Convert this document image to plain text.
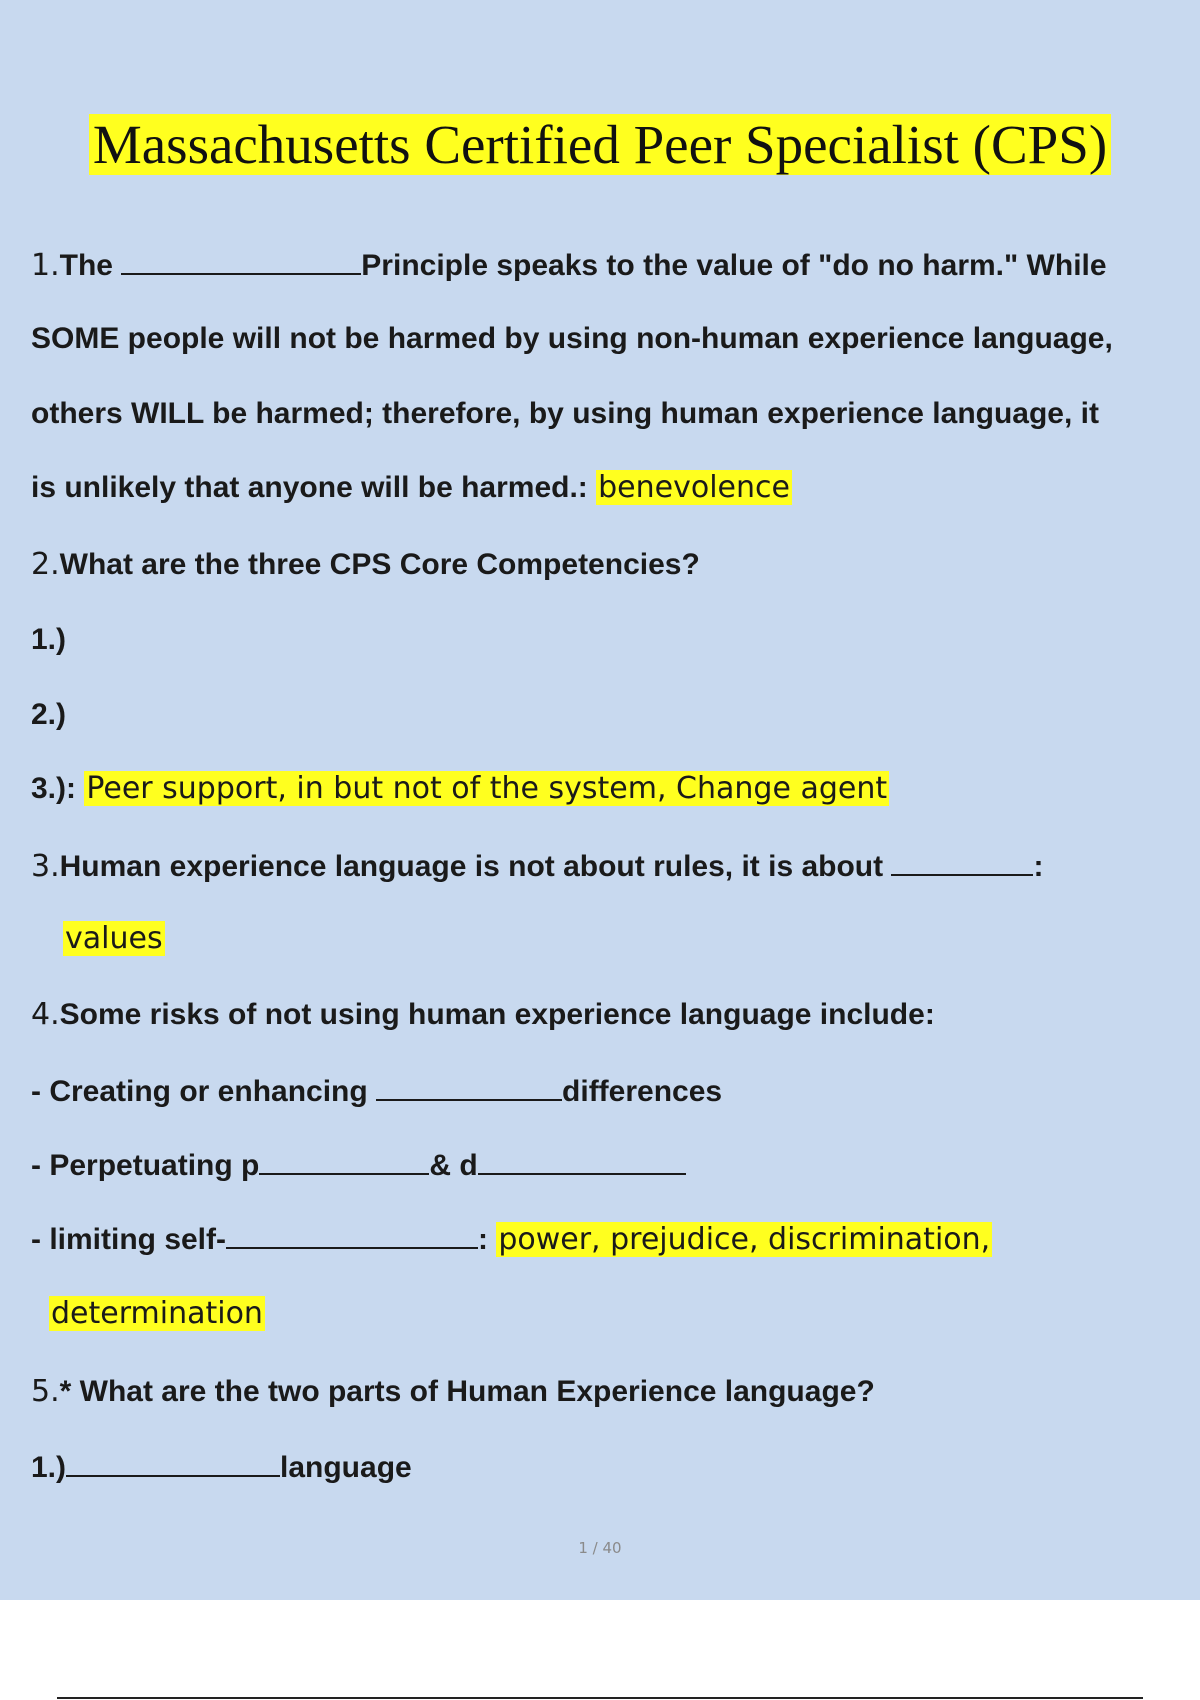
Massachusetts Certified Peer Specialist (CPS)
1.The	Principle speaks to the value of "do no harm." While
SOME people will not be harmed by using non-human experience language,
others WILL be harmed; therefore, by using human experience language, it
is unlikely that anyone will be harmed.: benevolence
2.What are the three CPS Core Competencies?
1.)
2.)
3.): Peer support, in but not of the system, Change agent
3.Human experience language is not about rules, it is about	:
values
4.Some risks of not using human experience language include:
- Creating or enhancing	differences
- Perpetuating p	& d
- limiting self-	: power, prejudice, discrimination,
determination
5.* What are the two parts of Human Experience language?
1.)	language
1 / 40
